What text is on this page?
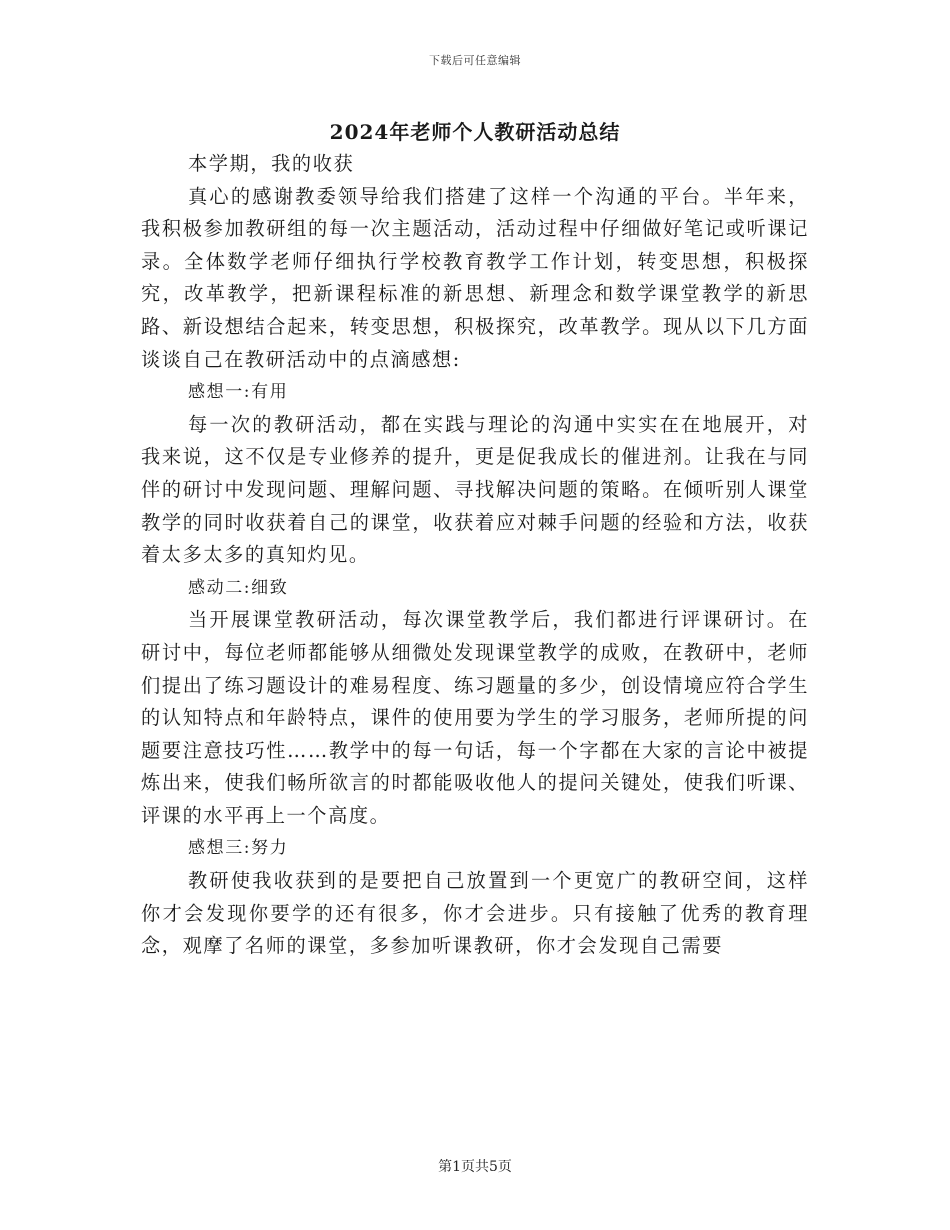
下载后可任意编辑
2024年老师个人教研活动总结

本学期，我的收获

真心的感谢教委领导给我们搭建了这样一个沟通的平台。半年来，我积极参加教研组的每一次主题活动，活动过程中仔细做好笔记或听课记录。全体数学老师仔细执行学校教育教学工作计划，转变思想，积极探究，改革教学，把新课程标准的新思想、新理念和数学课堂教学的新思路、新设想结合起来，转变思想，积极探究，改革教学。现从以下几方面谈谈自己在教研活动中的点滴感想:

感想一:有用

每一次的教研活动，都在实践与理论的沟通中实实在在地展开，对我来说，这不仅是专业修养的提升，更是促我成长的催进剂。让我在与同伴的研讨中发现问题、理解问题、寻找解决问题的策略。在倾听别人课堂教学的同时收获着自己的课堂，收获着应对棘手问题的经验和方法，收获着太多太多的真知灼见。

感动二:细致

当开展课堂教研活动，每次课堂教学后，我们都进行评课研讨。在研讨中，每位老师都能够从细微处发现课堂教学的成败，在教研中，老师们提出了练习题设计的难易程度、练习题量的多少，创设情境应符合学生的认知特点和年龄特点，课件的使用要为学生的学习服务，老师所提的问题要注意技巧性……教学中的每一句话，每一个字都在大家的言论中被提炼出来，使我们畅所欲言的时都能吸收他人的提问关键处，使我们听课、评课的水平再上一个高度。

感想三:努力

教研使我收获到的是要把自己放置到一个更宽广的教研空间，这样你才会发现你要学的还有很多，你才会进步。只有接触了优秀的教育理念，观摩了名师的课堂，多参加听课教研，你才会发现自己需要

第1页共5页
